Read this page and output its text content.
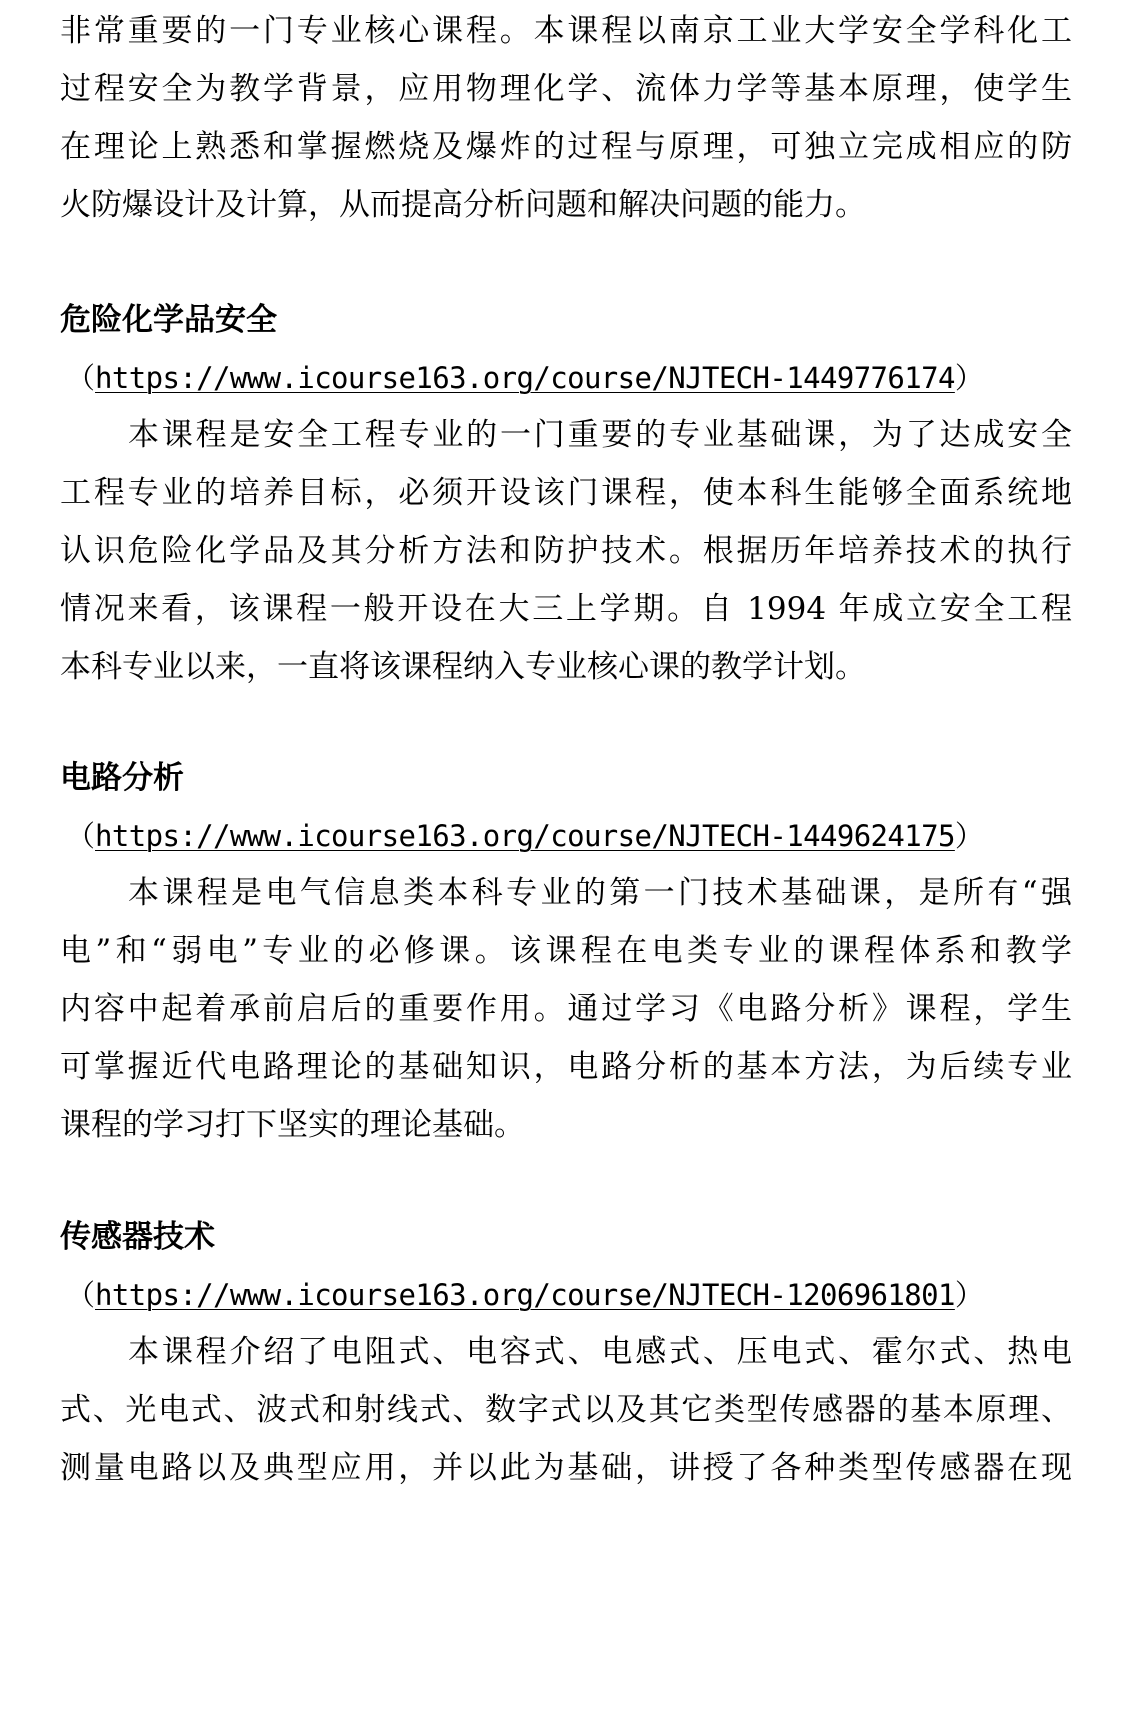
非常重要的一门专业核心课程。本课程以南京工业大学安全学科化工
过程安全为教学背景，应用物理化学、流体力学等基本原理，使学生
在理论上熟悉和掌握燃烧及爆炸的过程与原理，可独立完成相应的防
火防爆设计及计算，从而提高分析问题和解决问题的能力。
危险化学品安全
（https://www.icourse163.org/course/NJTECH-1449776174）
本课程是安全工程专业的一门重要的专业基础课，为了达成安全
工程专业的培养目标，必须开设该门课程，使本科生能够全面系统地
认识危险化学品及其分析方法和防护技术。根据历年培养技术的执行
情况来看，该课程一般开设在大三上学期。自 1994 年成立安全工程
本科专业以来，一直将该课程纳入专业核心课的教学计划。
电路分析
（https://www.icourse163.org/course/NJTECH-1449624175）
本课程是电气信息类本科专业的第一门技术基础课，是所有“强
电”和“弱电”专业的必修课。该课程在电类专业的课程体系和教学
内容中起着承前启后的重要作用。通过学习《电路分析》课程，学生
可掌握近代电路理论的基础知识，电路分析的基本方法，为后续专业
课程的学习打下坚实的理论基础。
传感器技术
（https://www.icourse163.org/course/NJTECH-1206961801）
本课程介绍了电阻式、电容式、电感式、压电式、霍尔式、热电
式、光电式、波式和射线式、数字式以及其它类型传感器的基本原理、
测量电路以及典型应用，并以此为基础，讲授了各种类型传感器在现
